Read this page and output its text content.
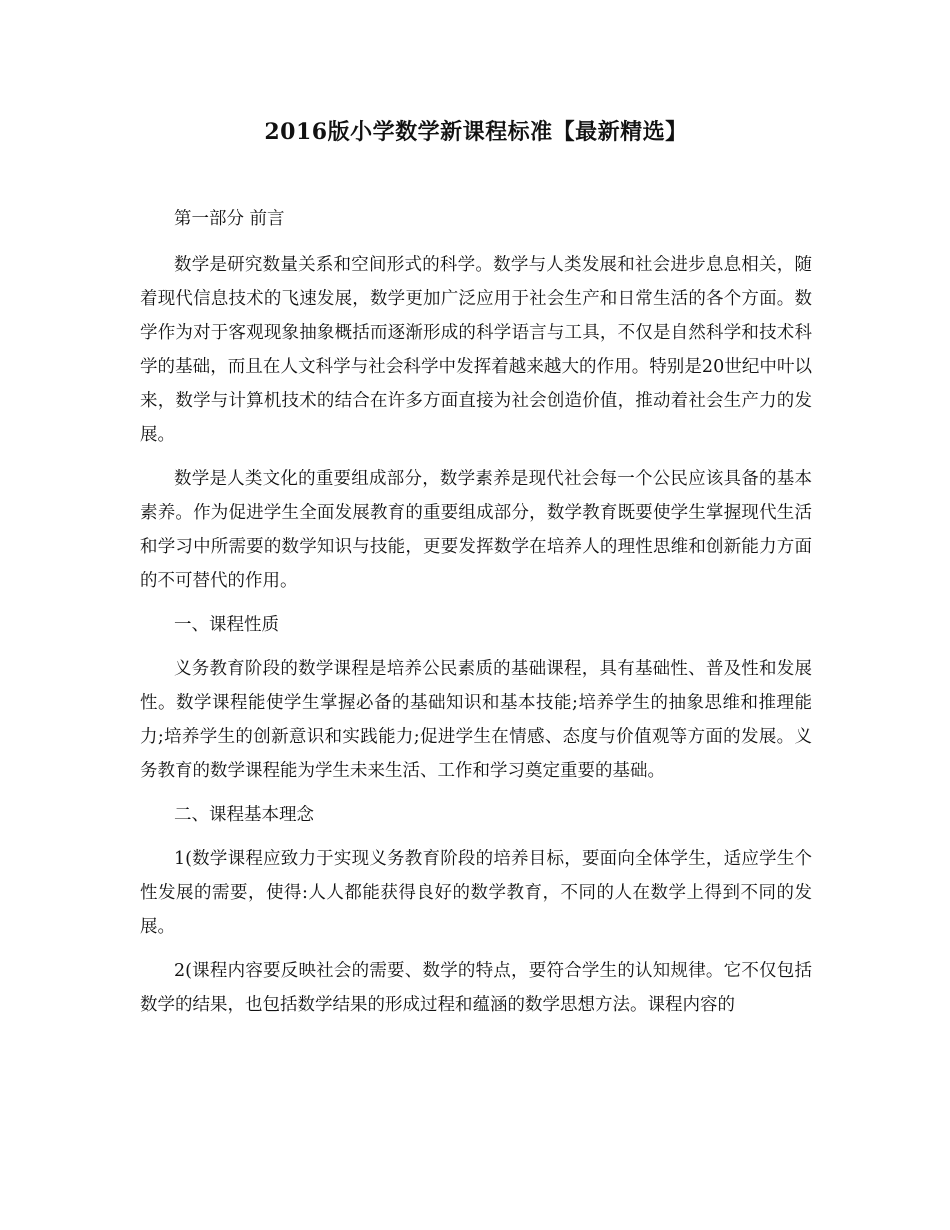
2016版小学数学新课程标准【最新精选】

第一部分 前言

数学是研究数量关系和空间形式的科学。数学与人类发展和社会进步息息相关，随着现代信息技术的飞速发展，数学更加广泛应用于社会生产和日常生活的各个方面。数学作为对于客观现象抽象概括而逐渐形成的科学语言与工具，不仅是自然科学和技术科学的基础，而且在人文科学与社会科学中发挥着越来越大的作用。特别是20世纪中叶以来，数学与计算机技术的结合在许多方面直接为社会创造价值，推动着社会生产力的发展。

数学是人类文化的重要组成部分，数学素养是现代社会每一个公民应该具备的基本素养。作为促进学生全面发展教育的重要组成部分，数学教育既要使学生掌握现代生活和学习中所需要的数学知识与技能，更要发挥数学在培养人的理性思维和创新能力方面的不可替代的作用。

一、课程性质

义务教育阶段的数学课程是培养公民素质的基础课程，具有基础性、普及性和发展性。数学课程能使学生掌握必备的基础知识和基本技能;培养学生的抽象思维和推理能力;培养学生的创新意识和实践能力;促进学生在情感、态度与价值观等方面的发展。义务教育的数学课程能为学生未来生活、工作和学习奠定重要的基础。

二、课程基本理念

1(数学课程应致力于实现义务教育阶段的培养目标，要面向全体学生，适应学生个性发展的需要，使得:人人都能获得良好的数学教育，不同的人在数学上得到不同的发展。

2(课程内容要反映社会的需要、数学的特点，要符合学生的认知规律。它不仅包括数学的结果，也包括数学结果的形成过程和蕴涵的数学思想方法。课程内容的
